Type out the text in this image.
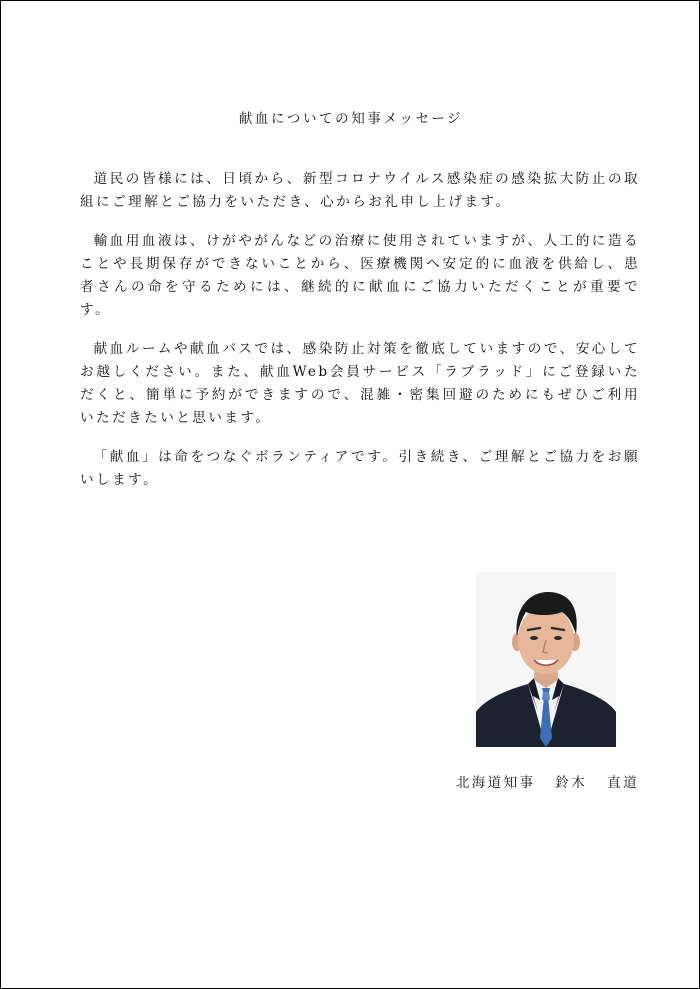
献血についての知事メッセージ

道民の皆様には、日頃から、新型コロナウイルス感染症の感染拡大防止の取組にご理解とご協力をいただき、心からお礼申し上げます。

輸血用血液は、けがやがんなどの治療に使用されていますが、人工的に造ることや長期保存ができないことから、医療機関へ安定的に血液を供給し、患者さんの命を守るためには、継続的に献血にご協力いただくことが重要です。

献血ルームや献血バスでは、感染防止対策を徹底していますので、安心してお越しください。また、献血Web会員サービス「ラブラッド」にご登録いただくと、簡単に予約ができますので、混雑・密集回避のためにもぜひご利用いただきたいと思います。

「献血」は命をつなぐボランティアです。引き続き、ご理解とご協力をお願いします。

北海道知事 鈴木 直道
